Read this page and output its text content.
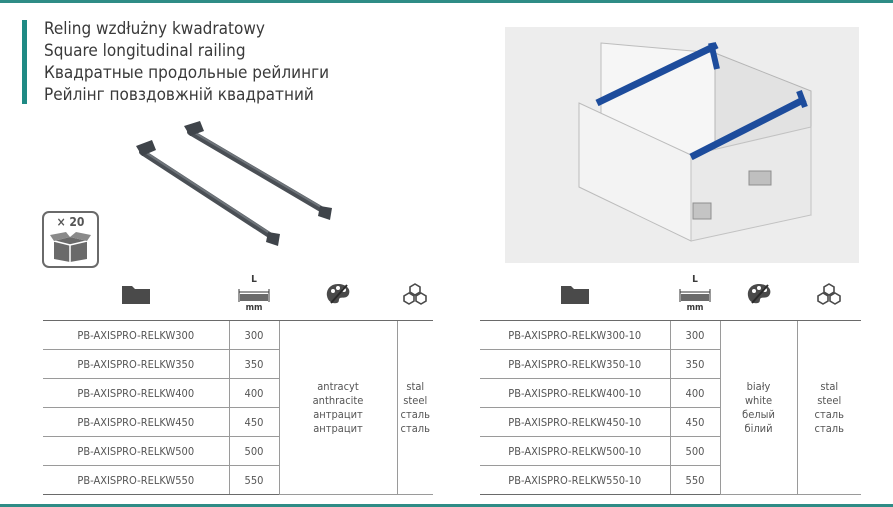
Reling wzdłużny kwadratowy
Square longitudinal railing
Квадратные продольные рейлинги
Рейлінг повздовжній квадратний
× 20

L
mm

PB-AXISPRO-RELKW300	300	antracyt
anthracite
антрацит
антрацит	stal
steel
сталь
сталь

PB-AXISPRO-RELKW350	350		
PB-AXISPRO-RELKW400	400		
PB-AXISPRO-RELKW450	450		
PB-AXISPRO-RELKW500	500		
PB-AXISPRO-RELKW550	550		

L
mm

PB-AXISPRO-RELKW300-10	300	biały
white
белый
білий	stal
steel
сталь
сталь

PB-AXISPRO-RELKW350-10	350		
PB-AXISPRO-RELKW400-10	400		
PB-AXISPRO-RELKW450-10	450		
PB-AXISPRO-RELKW500-10	500		
PB-AXISPRO-RELKW550-10	550		
